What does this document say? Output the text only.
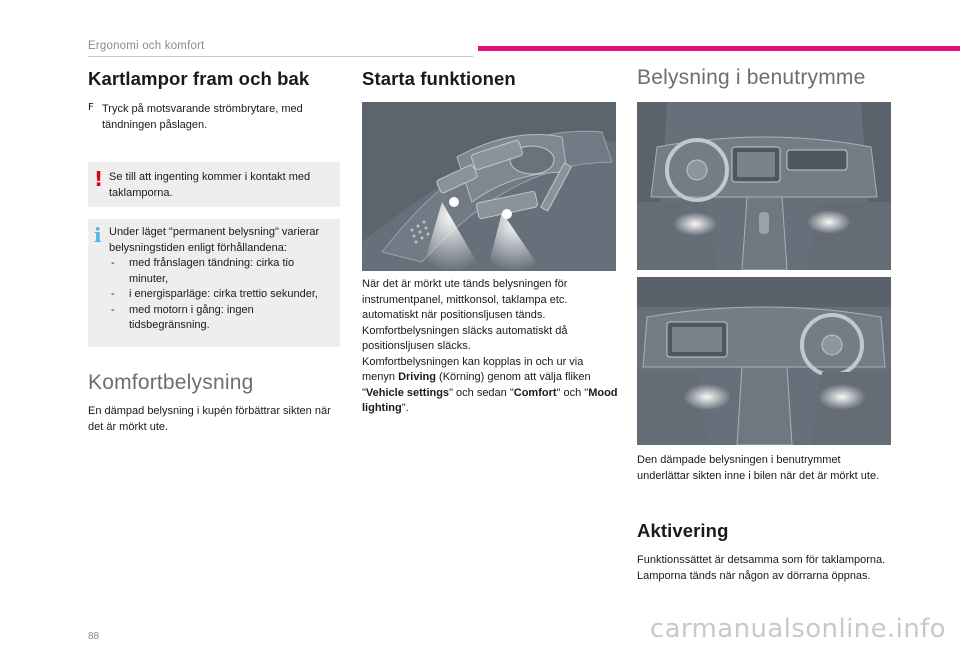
Ergonomi och komfort
Kartlampor fram och bak
F Tryck på motsvarande strömbrytare, med
tändningen påslagen.

! Se till att ingenting kommer i kontakt med taklamporna.

i Under läget "permanent belysning" varierar belysningstiden enligt förhållandena:

-	med frånslagen tändning: cirka tio minuter,
-	i energisparläge: cirka trettio sekunder,
-	med motorn i gång: ingen tidsbegränsning.
Komfortbelysning

En dämpad belysning i kupén förbättrar sikten när det är mörkt ute.

Starta funktionen

När det är mörkt ute tänds belysningen för instrumentpanel, mittkonsol, taklampa etc. automatiskt när positionsljusen tänds.

Komfortbelysningen släcks automatiskt då positionsljusen släcks.

Komfortbelysningen kan kopplas in och ur via menyn Driving (Körning) genom att välja fliken "Vehicle settings" och sedan "Comfort" och "Mood lighting".

Belysning i benutrymme

Den dämpade belysningen i benutrymmet underlättar sikten inne i bilen när det är mörkt ute.

Aktivering

Funktionssättet är detsamma som för taklamporna. Lamporna tänds när någon av dörrarna öppnas.

88	carmanualsonline.info
